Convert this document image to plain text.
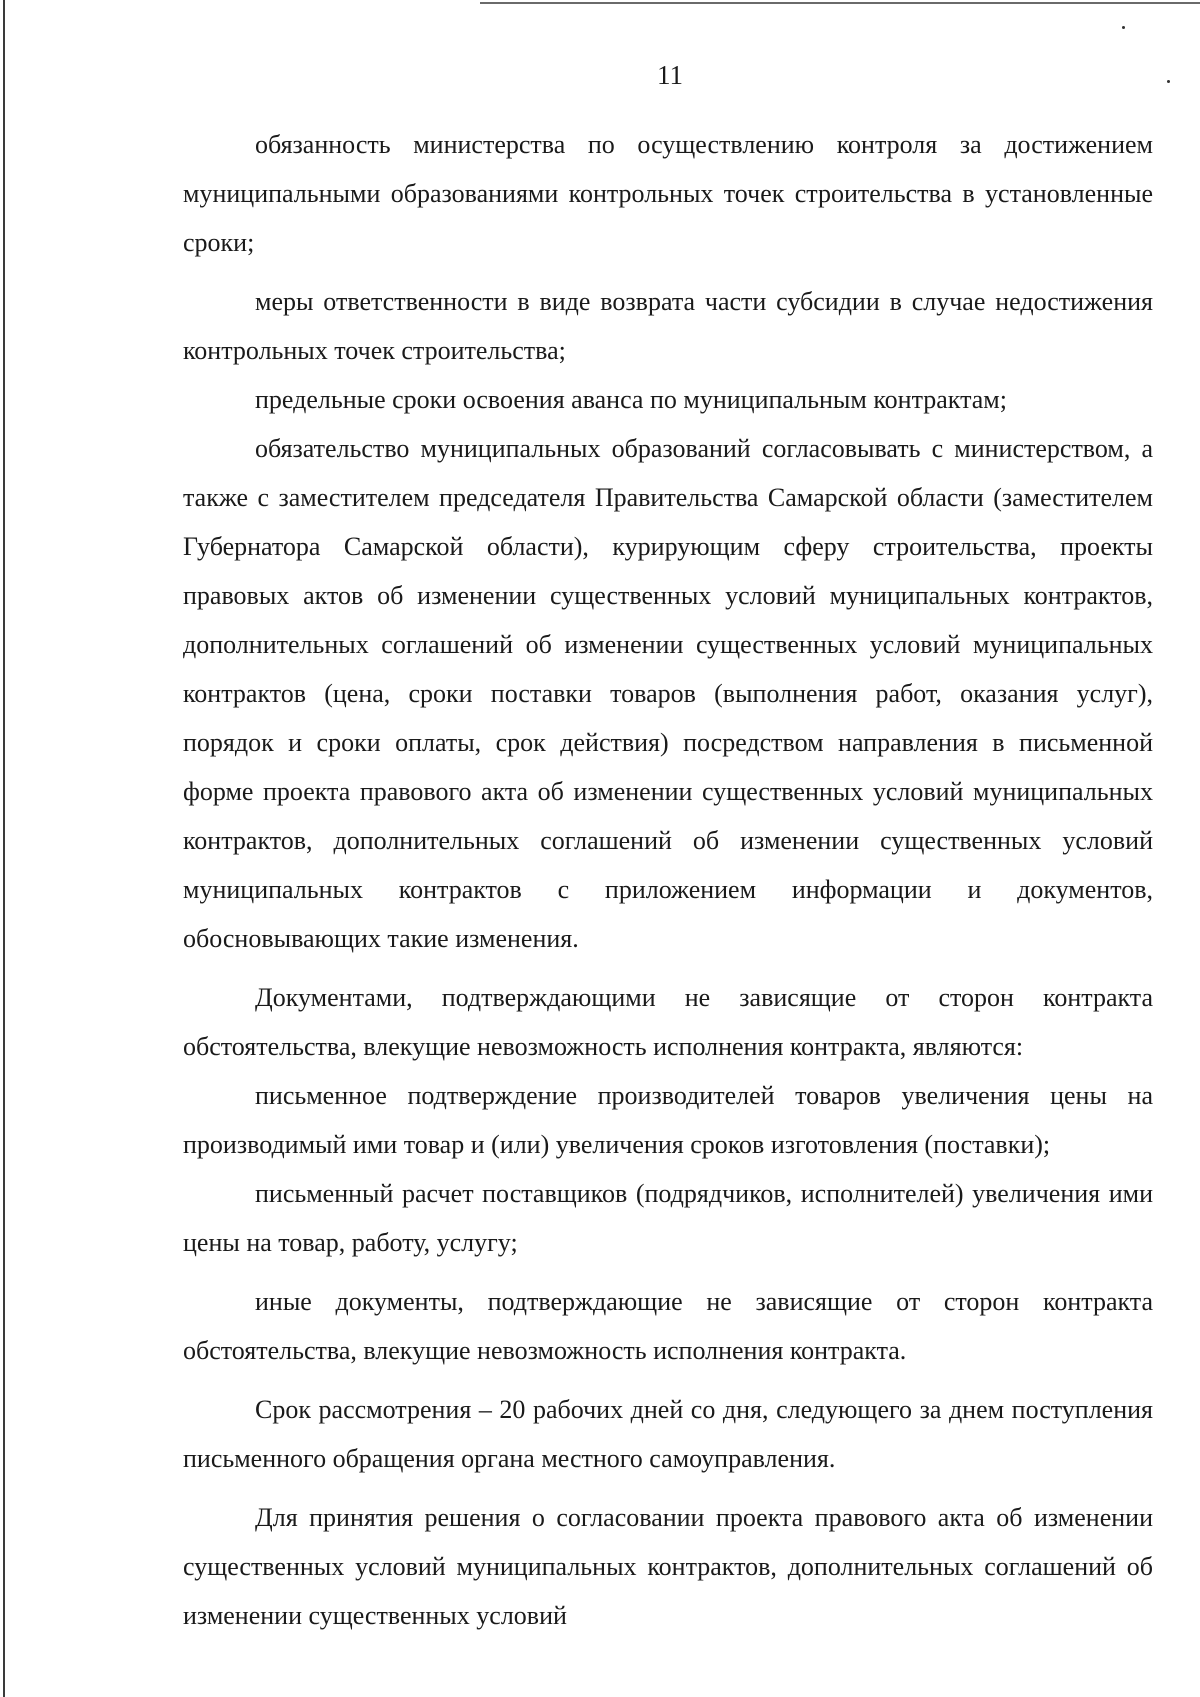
11

обязанность министерства по осуществлению контроля за достижением муниципальными образованиями контрольных точек строительства в установленные сроки;

меры ответственности в виде возврата части субсидии в случае недостижения контрольных точек строительства;

предельные сроки освоения аванса по муниципальным контрактам;

обязательство муниципальных образований согласовывать с министерством, а также с заместителем председателя Правительства Самарской области (заместителем Губернатора Самарской области), курирующим сферу строительства, проекты правовых актов об изменении существенных условий муниципальных контрактов, дополнительных соглашений об изменении существенных условий муниципальных контрактов (цена, сроки поставки товаров (выполнения работ, оказания услуг), порядок и сроки оплаты, срок действия) посредством направления в письменной форме проекта правового акта об изменении существенных условий муниципальных контрактов, дополнительных соглашений об изменении существенных условий муниципальных контрактов с приложением информации и документов, обосновывающих такие изменения.

Документами, подтверждающими не зависящие от сторон контракта обстоятельства, влекущие невозможность исполнения контракта, являются:

письменное подтверждение производителей товаров увеличения цены на производимый ими товар и (или) увеличения сроков изготовления (поставки);

письменный расчет поставщиков (подрядчиков, исполнителей) увеличения ими цены на товар, работу, услугу;

иные документы, подтверждающие не зависящие от сторон контракта обстоятельства, влекущие невозможность исполнения контракта.

Срок рассмотрения – 20 рабочих дней со дня, следующего за днем поступления письменного обращения органа местного самоуправления.

Для принятия решения о согласовании проекта правового акта об изменении существенных условий муниципальных контрактов, дополнительных соглашений об изменении существенных условий
